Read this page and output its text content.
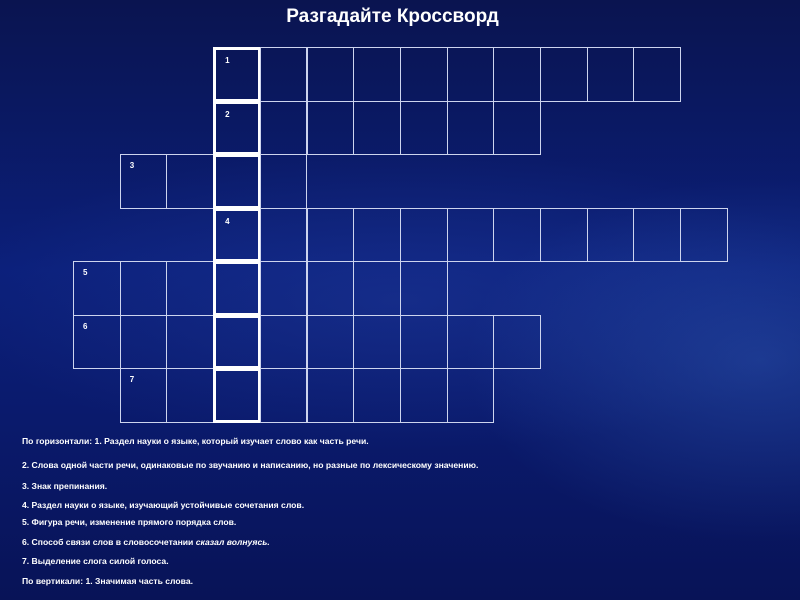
Разгадайте Кроссворд
1
2
3
4
5
6
7
По горизонтали: 1. Раздел науки о языке, который изучает слово как часть речи.
2. Слова одной части речи, одинаковые по звучанию и написанию, но разные по лексическому значению.
3. Знак препинания.
4. Раздел науки о языке, изучающий устойчивые сочетания слов.
5. Фигура речи, изменение прямого порядка слов.
6. Способ связи слов в словосочетании сказал волнуясь.
7. Выделение слога силой голоса.
По вертикали: 1. Значимая часть слова.
